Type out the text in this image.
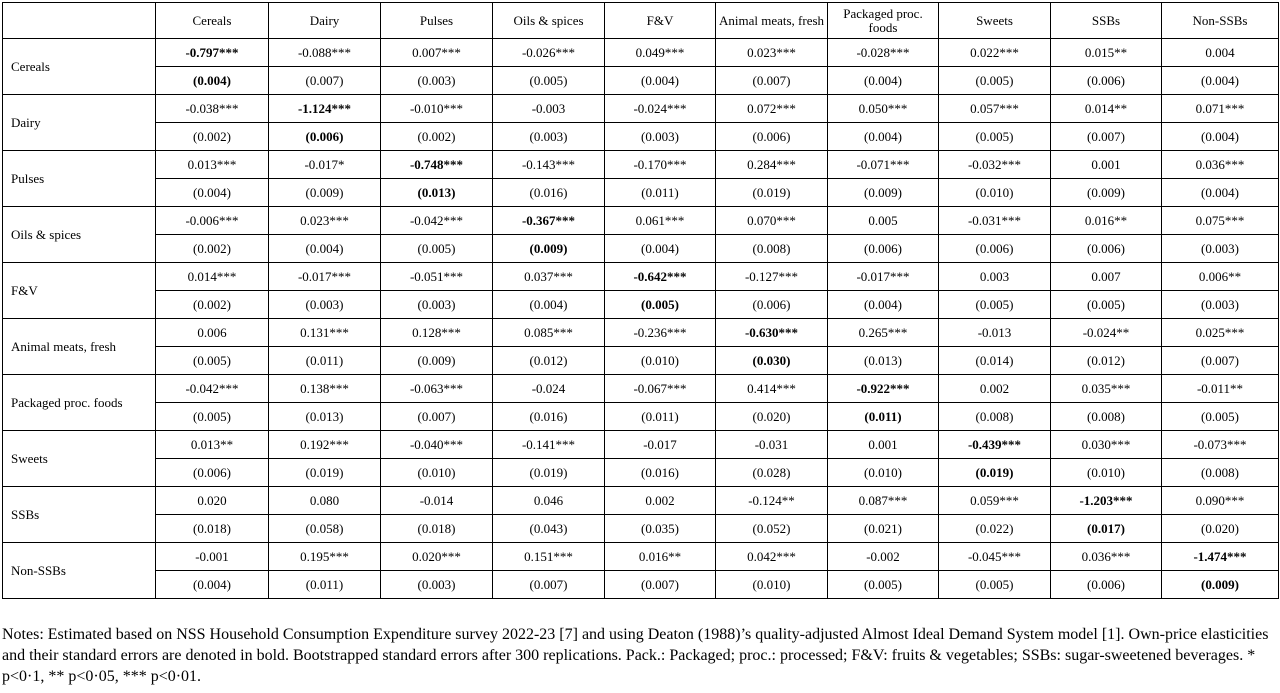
	Cereals	Dairy	Pulses	Oils & spices	F&V	Animal meats, fresh	Packaged proc. foods	Sweets	SSBs	Non-SSBs
Cereals	-0.797***	-0.088***	0.007***	-0.026***	0.049***	0.023***	-0.028***	0.022***	0.015**	0.004
	(0.004)	(0.007)	(0.003)	(0.005)	(0.004)	(0.007)	(0.004)	(0.005)	(0.006)	(0.004)
Dairy	-0.038***	-1.124***	-0.010***	-0.003	-0.024***	0.072***	0.050***	0.057***	0.014**	0.071***
	(0.002)	(0.006)	(0.002)	(0.003)	(0.003)	(0.006)	(0.004)	(0.005)	(0.007)	(0.004)
Pulses	0.013***	-0.017*	-0.748***	-0.143***	-0.170***	0.284***	-0.071***	-0.032***	0.001	0.036***
	(0.004)	(0.009)	(0.013)	(0.016)	(0.011)	(0.019)	(0.009)	(0.010)	(0.009)	(0.004)
Oils & spices	-0.006***	0.023***	-0.042***	-0.367***	0.061***	0.070***	0.005	-0.031***	0.016**	0.075***
	(0.002)	(0.004)	(0.005)	(0.009)	(0.004)	(0.008)	(0.006)	(0.006)	(0.006)	(0.003)
F&V	0.014***	-0.017***	-0.051***	0.037***	-0.642***	-0.127***	-0.017***	0.003	0.007	0.006**
	(0.002)	(0.003)	(0.003)	(0.004)	(0.005)	(0.006)	(0.004)	(0.005)	(0.005)	(0.003)
Animal meats, fresh	0.006	0.131***	0.128***	0.085***	-0.236***	-0.630***	0.265***	-0.013	-0.024**	0.025***
	(0.005)	(0.011)	(0.009)	(0.012)	(0.010)	(0.030)	(0.013)	(0.014)	(0.012)	(0.007)
Packaged proc. foods	-0.042***	0.138***	-0.063***	-0.024	-0.067***	0.414***	-0.922***	0.002	0.035***	-0.011**
	(0.005)	(0.013)	(0.007)	(0.016)	(0.011)	(0.020)	(0.011)	(0.008)	(0.008)	(0.005)
Sweets	0.013**	0.192***	-0.040***	-0.141***	-0.017	-0.031	0.001	-0.439***	0.030***	-0.073***
	(0.006)	(0.019)	(0.010)	(0.019)	(0.016)	(0.028)	(0.010)	(0.019)	(0.010)	(0.008)
SSBs	0.020	0.080	-0.014	0.046	0.002	-0.124**	0.087***	0.059***	-1.203***	0.090***
	(0.018)	(0.058)	(0.018)	(0.043)	(0.035)	(0.052)	(0.021)	(0.022)	(0.017)	(0.020)
Non-SSBs	-0.001	0.195***	0.020***	0.151***	0.016**	0.042***	-0.002	-0.045***	0.036***	-1.474***
	(0.004)	(0.011)	(0.003)	(0.007)	(0.007)	(0.010)	(0.005)	(0.005)	(0.006)	(0.009)

Notes: Estimated based on NSS Household Consumption Expenditure survey 2022-23 [7] and using Deaton (1988)’s quality-adjusted Almost Ideal Demand System model [1]. Own-price elasticities and their standard errors are denoted in bold. Bootstrapped standard errors after 300 replications. Pack.: Packaged; proc.: processed; F&V: fruits & vegetables; SSBs: sugar-sweetened beverages. * p<0·1, ** p<0·05, *** p<0·01.
